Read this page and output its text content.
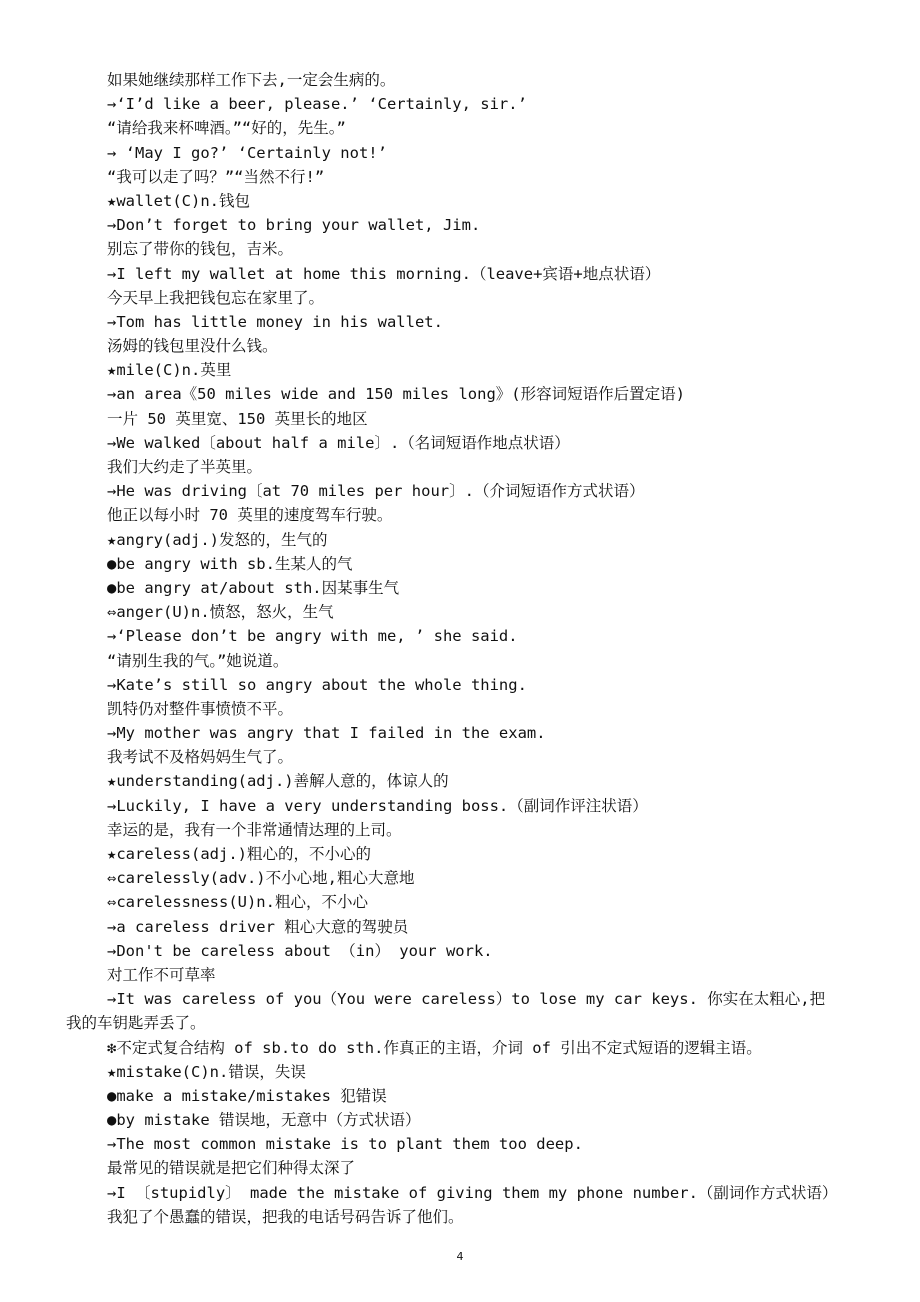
如果她继续那样工作下去,一定会生病的。
→‘I’d like a beer, please.’ ‘Certainly, sir.’
“请给我来杯啤酒。”“好的，先生。”
→ ‘May I go?’ ‘Certainly not!’
“我可以走了吗？”“当然不行!”
★wallet(C)n.钱包
→Don’t forget to bring your wallet, Jim.
别忘了带你的钱包，吉米。
→I left my wallet at home this morning.（leave+宾语+地点状语）
今天早上我把钱包忘在家里了。
→Tom has little money in his wallet.
汤姆的钱包里没什么钱。
★mile(C)n.英里
→an area《50 miles wide and 150 miles long》(形容词短语作后置定语)
一片 50 英里宽、150 英里长的地区
→We walked〔about half a mile〕.（名词短语作地点状语）
我们大约走了半英里。
→He was driving〔at 70 miles per hour〕.（介词短语作方式状语）
他正以每小时 70 英里的速度驾车行驶。
★angry(adj.)发怒的，生气的
●be angry with sb.生某人的气
●be angry at/about sth.因某事生气
⇔anger(U)n.愤怒，怒火，生气
→‘Please don’t be angry with me, ’ she said.
“请别生我的气。”她说道。
→Kate’s still so angry about the whole thing.
凯特仍对整件事愤愤不平。
→My mother was angry that I failed in the exam.
我考试不及格妈妈生气了。
★understanding(adj.)善解人意的，体谅人的
→Luckily, I have a very understanding boss.（副词作评注状语）
幸运的是，我有一个非常通情达理的上司。
★careless(adj.)粗心的，不小心的
⇔carelessly(adv.)不小心地,粗心大意地
⇔carelessness(U)n.粗心，不小心
→a careless driver 粗心大意的驾驶员
→Don't be careless about （in） your work.
对工作不可草率
→It was careless of you（You were careless）to lose my car keys. 你实在太粗心,把
我的车钥匙弄丢了。
❇不定式复合结构 of sb.to do sth.作真正的主语，介词 of 引出不定式短语的逻辑主语。
★mistake(C)n.错误，失误
●make a mistake/mistakes 犯错误
●by mistake 错误地，无意中（方式状语）
→The most common mistake is to plant them too deep.
最常见的错误就是把它们种得太深了
→I 〔stupidly〕 made the mistake of giving them my phone number.（副词作方式状语）
我犯了个愚蠢的错误，把我的电话号码告诉了他们。
4
